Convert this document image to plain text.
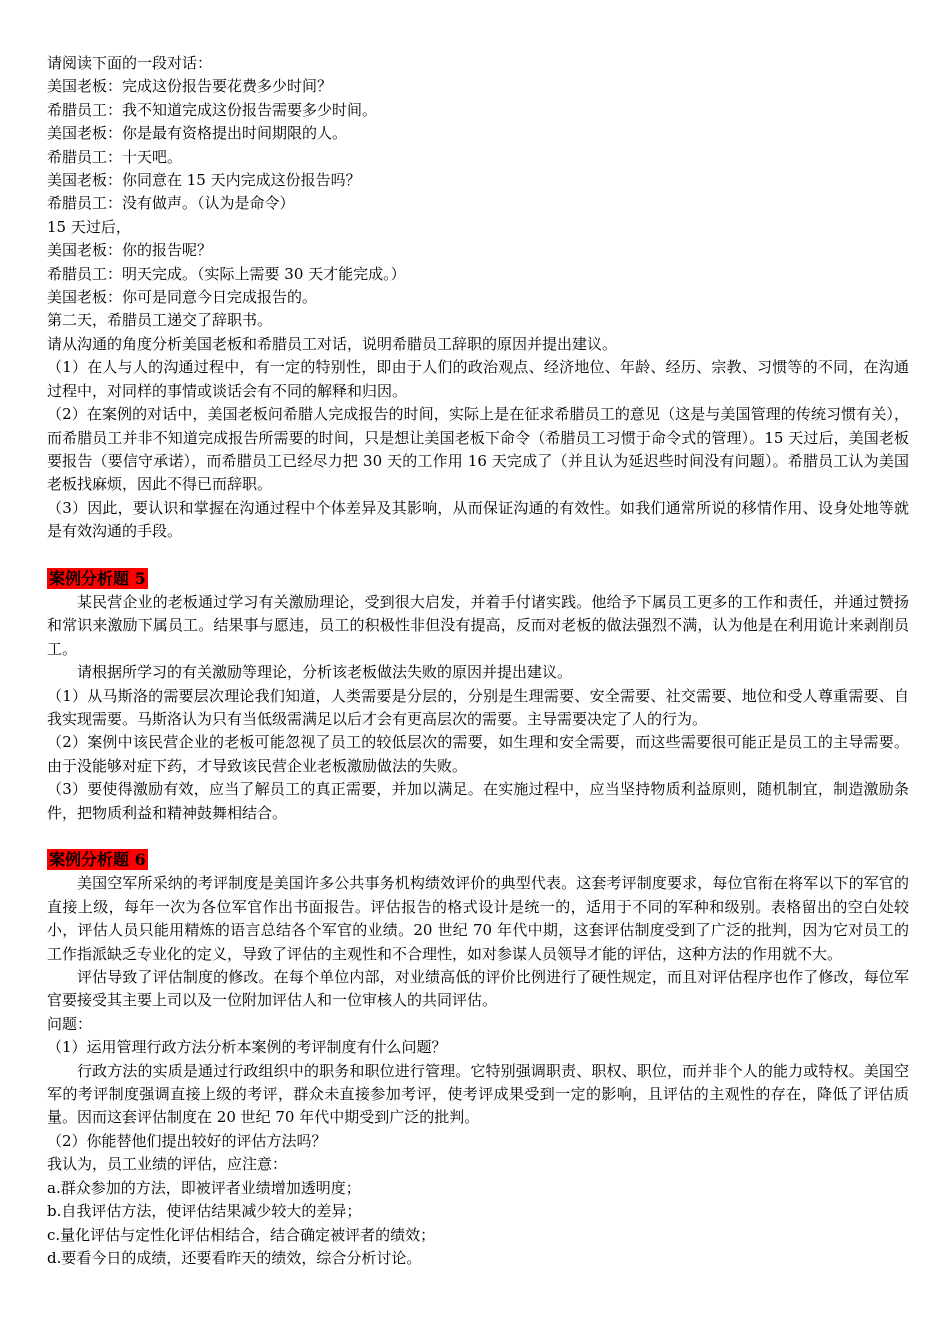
请阅读下面的一段对话：

美国老板：完成这份报告要花费多少时间？

希腊员工：我不知道完成这份报告需要多少时间。

美国老板：你是最有资格提出时间期限的人。

希腊员工：十天吧。

美国老板：你同意在 15 天内完成这份报告吗？

希腊员工：没有做声。（认为是命令）

15 天过后，

美国老板：你的报告呢？

希腊员工：明天完成。（实际上需要 30 天才能完成。）

美国老板：你可是同意今日完成报告的。

第二天，希腊员工递交了辞职书。

请从沟通的角度分析美国老板和希腊员工对话，说明希腊员工辞职的原因并提出建议。

（1）在人与人的沟通过程中，有一定的特别性，即由于人们的政治观点、经济地位、年龄、经历、宗教、习惯等的不同，在沟通过程中，对同样的事情或谈话会有不同的解释和归因。

（2）在案例的对话中，美国老板问希腊人完成报告的时间，实际上是在征求希腊员工的意见（这是与美国管理的传统习惯有关），而希腊员工并非不知道完成报告所需要的时间，只是想让美国老板下命令（希腊员工习惯于命令式的管理）。15 天过后，美国老板要报告（要信守承诺），而希腊员工已经尽力把 30 天的工作用 16 天完成了（并且认为延迟些时间没有问题）。希腊员工认为美国老板找麻烦，因此不得已而辞职。

（3）因此，要认识和掌握在沟通过程中个体差异及其影响，从而保证沟通的有效性。如我们通常所说的移情作用、设身处地等就是有效沟通的手段。

案例分析题 5

某民营企业的老板通过学习有关激励理论，受到很大启发，并着手付诸实践。他给予下属员工更多的工作和责任，并通过赞扬和常识来激励下属员工。结果事与愿违，员工的积极性非但没有提高，反而对老板的做法强烈不满，认为他是在利用诡计来剥削员工。

请根据所学习的有关激励等理论，分析该老板做法失败的原因并提出建议。

（1）从马斯洛的需要层次理论我们知道，人类需要是分层的，分别是生理需要、安全需要、社交需要、地位和受人尊重需要、自我实现需要。马斯洛认为只有当低级需满足以后才会有更高层次的需要。主导需要决定了人的行为。

（2）案例中该民营企业的老板可能忽视了员工的较低层次的需要，如生理和安全需要，而这些需要很可能正是员工的主导需要。由于没能够对症下药，才导致该民营企业老板激励做法的失败。

（3）要使得激励有效，应当了解员工的真正需要，并加以满足。在实施过程中，应当坚持物质利益原则，随机制宜，制造激励条件，把物质利益和精神鼓舞相结合。

案例分析题 6

美国空军所采纳的考评制度是美国许多公共事务机构绩效评价的典型代表。这套考评制度要求，每位官衔在将军以下的军官的直接上级，每年一次为各位军官作出书面报告。评估报告的格式设计是统一的，适用于不同的军种和级别。表格留出的空白处较小，评估人员只能用精炼的语言总结各个军官的业绩。20 世纪 70 年代中期，这套评估制度受到了广泛的批判，因为它对员工的工作指派缺乏专业化的定义，导致了评估的主观性和不合理性，如对参谋人员领导才能的评估，这种方法的作用就不大。

评估导致了评估制度的修改。在每个单位内部，对业绩高低的评价比例进行了硬性规定，而且对评估程序也作了修改，每位军官要接受其主要上司以及一位附加评估人和一位审核人的共同评估。

问题：

（1）运用管理行政方法分析本案例的考评制度有什么问题？

行政方法的实质是通过行政组织中的职务和职位进行管理。它特别强调职责、职权、职位，而并非个人的能力或特权。美国空军的考评制度强调直接上级的考评，群众未直接参加考评，使考评成果受到一定的影响，且评估的主观性的存在，降低了评估质量。因而这套评估制度在 20 世纪 70 年代中期受到广泛的批判。

（2）你能替他们提出较好的评估方法吗？

我认为，员工业绩的评估，应注意：

a.群众参加的方法，即被评者业绩增加透明度；

b.自我评估方法，使评估结果减少较大的差异；

c.量化评估与定性化评估相结合，结合确定被评者的绩效；

d.要看今日的成绩，还要看昨天的绩效，综合分析讨论。
